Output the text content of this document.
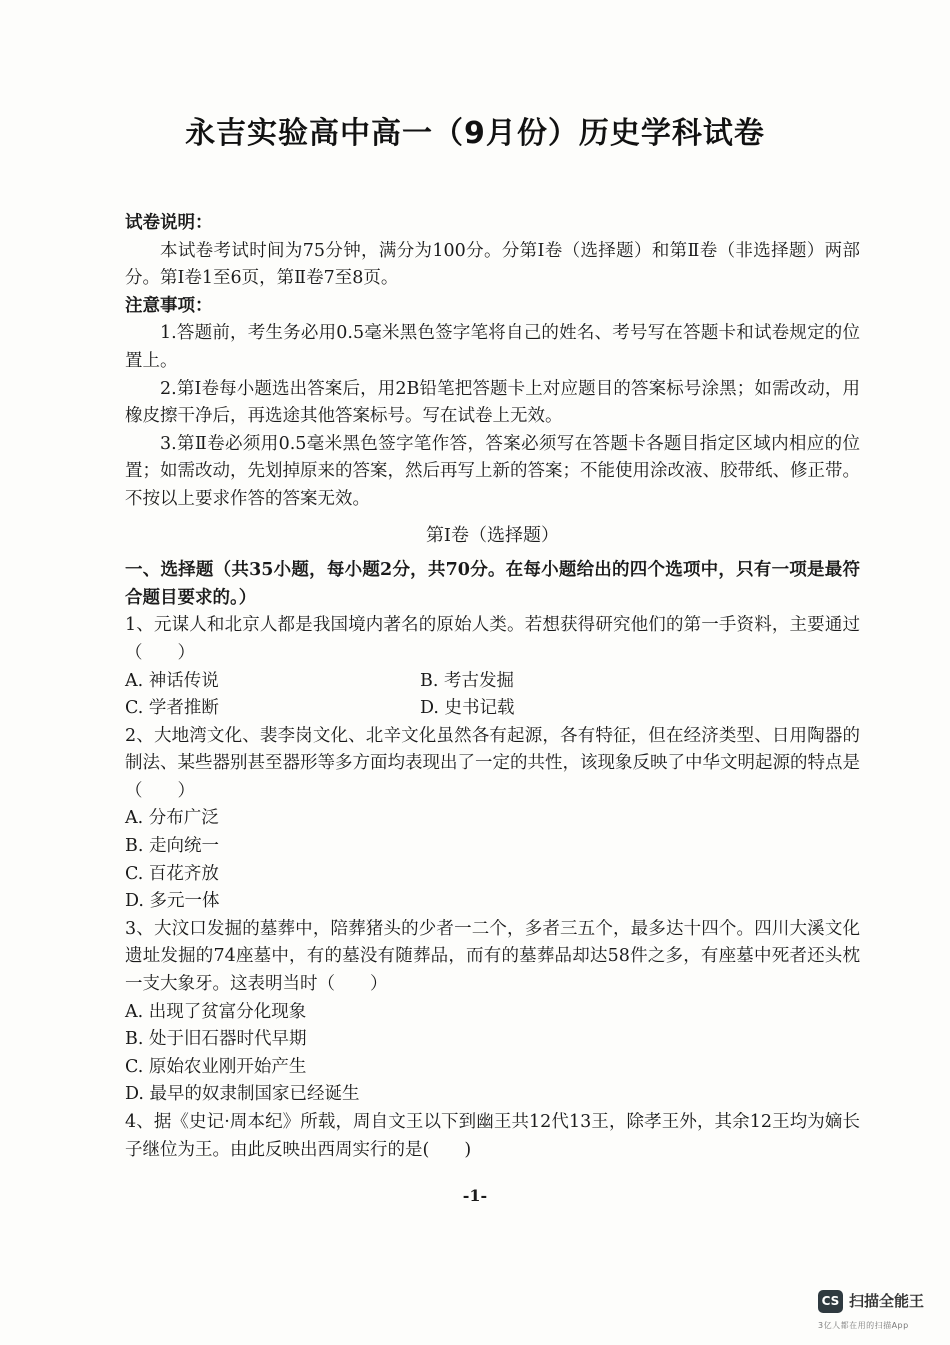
永吉实验高中高一（9月份）历史学科试卷
试卷说明：
本试卷考试时间为75分钟，满分为100分。分第Ⅰ卷（选择题）和第Ⅱ卷（非选择题）两部分。第Ⅰ卷1至6页，第Ⅱ卷7至8页。
注意事项：
1.答题前，考生务必用0.5毫米黑色签字笔将自己的姓名、考号写在答题卡和试卷规定的位置上。
2.第Ⅰ卷每小题选出答案后，用2B铅笔把答题卡上对应题目的答案标号涂黑；如需改动，用橡皮擦干净后，再选途其他答案标号。写在试卷上无效。
3.第Ⅱ卷必须用0.5毫米黑色签字笔作答，答案必须写在答题卡各题目指定区域内相应的位置；如需改动，先划掉原来的答案，然后再写上新的答案；不能使用涂改液、胶带纸、修正带。不按以上要求作答的答案无效。
第Ⅰ卷（选择题）
一、选择题（共35小题，每小题2分，共70分。在每小题给出的四个选项中，只有一项是最符合题目要求的。）
1、元谋人和北京人都是我国境内著名的原始人类。若想获得研究他们的第一手资料，主要通过（　　）
A. 神话传说	B. 考古发掘
C. 学者推断	D. 史书记载
2、大地湾文化、裴李岗文化、北辛文化虽然各有起源，各有特征，但在经济类型、日用陶器的制法、某些器别甚至器形等多方面均表现出了一定的共性，该现象反映了中华文明起源的特点是（　　）
A. 分布广泛
B. 走向统一
C. 百花齐放
D. 多元一体
3、大汶口发掘的墓葬中，陪葬猪头的少者一二个，多者三五个，最多达十四个。四川大溪文化遗址发掘的74座墓中，有的墓没有随葬品，而有的墓葬品却达58件之多，有座墓中死者还头枕一支大象牙。这表明当时（　　）
A. 出现了贫富分化现象
B. 处于旧石器时代早期
C. 原始农业刚开始产生
D. 最早的奴隶制国家已经诞生
4、据《史记·周本纪》所载，周自文王以下到幽王共12代13王，除孝王外，其余12王均为嫡长子继位为王。由此反映出西周实行的是(　　)
-1-
CS 扫描全能王
3亿人都在用的扫描App
